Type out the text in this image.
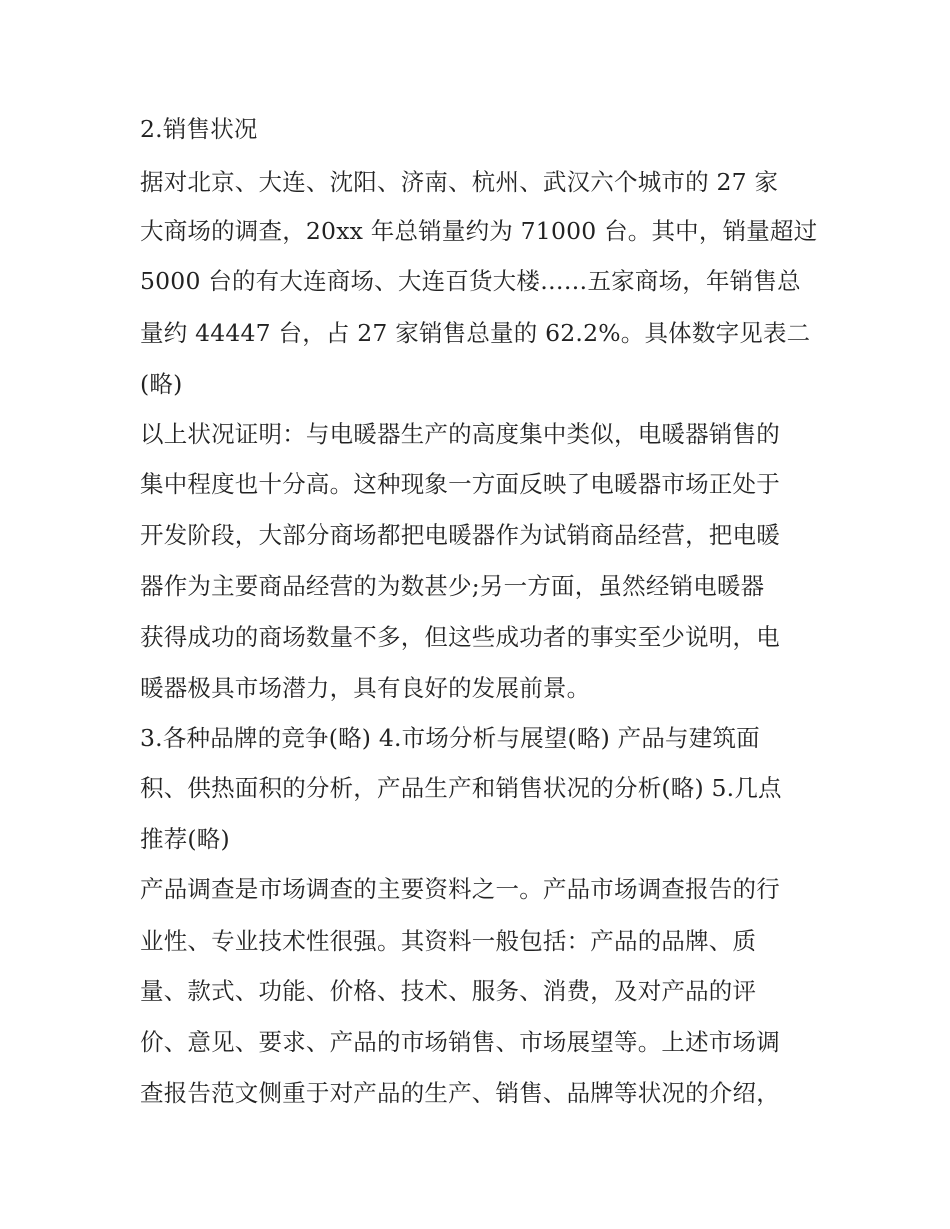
2.销售状况
据对北京、大连、沈阳、济南、杭州、武汉六个城市的 27 家
大商场的调查，20xx 年总销量约为 71000 台。其中，销量超过
5000 台的有大连商场、大连百货大楼……五家商场，年销售总
量约 44447 台，占 27 家销售总量的 62.2%。具体数字见表二
(略)
以上状况证明：与电暖器生产的高度集中类似，电暖器销售的
集中程度也十分高。这种现象一方面反映了电暖器市场正处于
开发阶段，大部分商场都把电暖器作为试销商品经营，把电暖
器作为主要商品经营的为数甚少;另一方面，虽然经销电暖器
获得成功的商场数量不多，但这些成功者的事实至少说明，电
暖器极具市场潜力，具有良好的发展前景。
3.各种品牌的竞争(略) 4.市场分析与展望(略) 产品与建筑面
积、供热面积的分析，产品生产和销售状况的分析(略) 5.几点
推荐(略)
产品调查是市场调查的主要资料之一。产品市场调查报告的行
业性、专业技术性很强。其资料一般包括：产品的品牌、质
量、款式、功能、价格、技术、服务、消费，及对产品的评
价、意见、要求、产品的市场销售、市场展望等。上述市场调
查报告范文侧重于对产品的生产、销售、品牌等状况的介绍，
